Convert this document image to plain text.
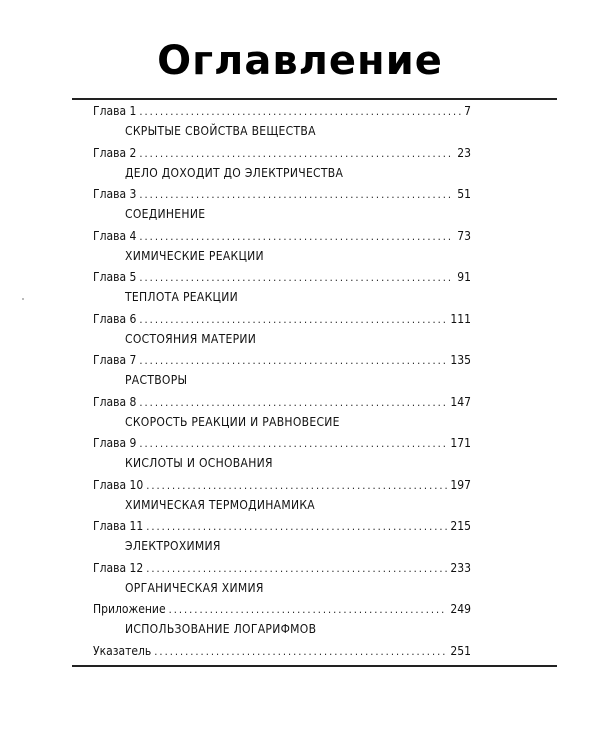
Оглавление
Глава 1 .....	7
СКРЫТЫЕ СВОЙСТВА ВЕЩЕСТВА
Глава 2 .....	23
ДЕЛО ДОХОДИТ ДО ЭЛЕКТРИЧЕСТВА
Глава 3 .....	51
СОЕДИНЕНИЕ
Глава 4 .....	73
ХИМИЧЕСКИЕ РЕАКЦИИ
Глава 5 .....	91
ТЕПЛОТА РЕАКЦИИ
Глава 6 .....	111
СОСТОЯНИЯ МАТЕРИИ
Глава 7 .....	135
РАСТВОРЫ
Глава 8 .....	147
СКОРОСТЬ РЕАКЦИИ И РАВНОВЕСИЕ
Глава 9 .....	171
КИСЛОТЫ И ОСНОВАНИЯ
Глава 10 .....	197
ХИМИЧЕСКАЯ ТЕРМОДИНАМИКА
Глава 11 .....	215
ЭЛЕКТРОХИМИЯ
Глава 12 .....	233
ОРГАНИЧЕСКАЯ ХИМИЯ
Приложение .....	249
ИСПОЛЬЗОВАНИЕ ЛОГАРИФМОВ
Указатель .....	251
